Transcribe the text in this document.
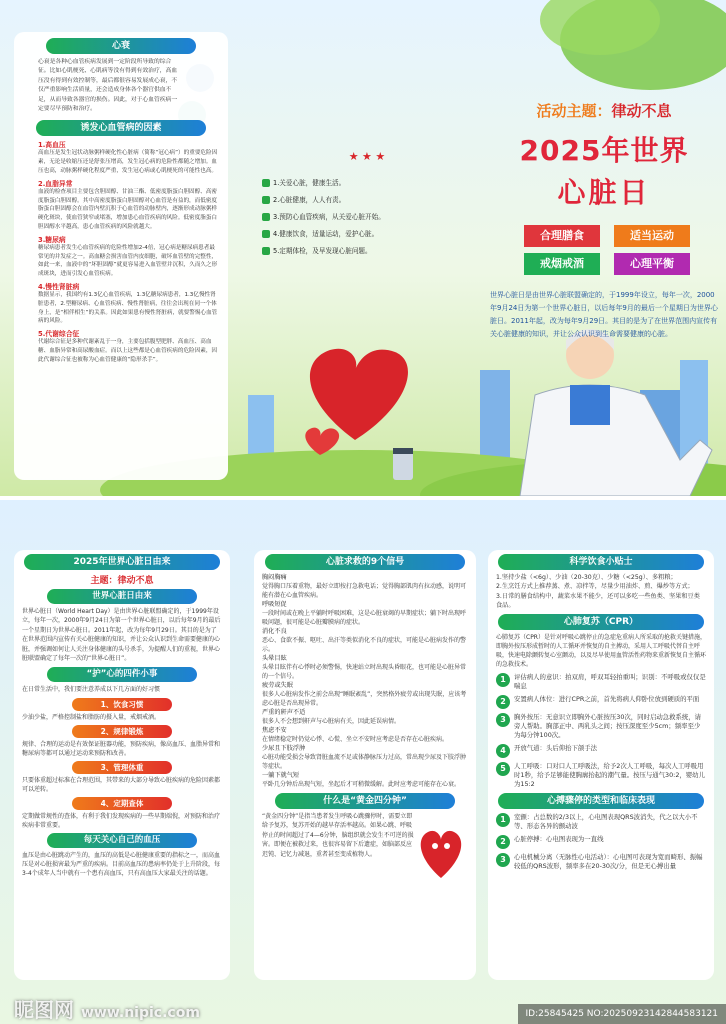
心衰
心衰是各种心血管疾病发展到一定阶段所导致的综合征。比如心肌梗死、心肌病等没有得到有效治疗，高血压没有得到有效控制等，最后都很容易发展成心衰，不仅严重影响生活质量，还会造成身体各个器官供血不足，从而导致各器官的损伤。因此，对于心血管疾病一定要尽早预防和治疗。
诱发心血管病的因素
1.高血压
高血压是发生冠状动脉粥样硬化性心脏病（简称“冠心病”）的重要危险因素，无论是收缩压还是舒张压增高，发生冠心病的危险性都随之增加。血压也高，动脉粥样硬化程度严重，发生冠心病或心肌梗死的可能性也高。
2.血脂异常
血液的检查项目主要包含胆固醇、甘油三酯、低密度脂蛋白胆固醇、高密度脂蛋白胆固醇。其中高密度脂蛋白胆固醇对心血管是有益的，而低密度脂蛋白胆固醇会在血管内壁沉积于心血管的动脉壁内，逐渐形成动脉粥样硬化斑块，使血管狭窄或堵塞，增加患心血管疾病的风险。低密度脂蛋白胆固醇水平越高，患心血管疾病的风险就越大。
3.糖尿病
糖尿病患者发生心血管疾病的危险性增加2-4倍，冠心病是糖尿病患者最常见的并发症之一。高血糖会损害血管内皮细胞，破坏血管壁的完整性，如此一来，血液中的“坏胆固醇”就更容易进入血管壁并沉积，久而久之形成斑块，进而引发心血管疾病。
4.慢性肾脏病
数据显示，我国约有1.3亿心血管疾病，1.3亿糖尿病患者，1.3亿慢性肾脏患者，2.型糖尿病、心血管疾病、慢性肾脏病，往往会出现在同一个体身上，是“相伴相生”的关系。因此如果患有慢性肾脏病，就要警惕心血管病的风险。
5.代谢综合征
代谢综合征是多种代谢紊乱于一身，主要包括腹型肥胖、高血压、高血糖、血脂异常和高尿酸血症。而以上这些都是心血管疾病的危险因素，因此代谢综合征也被称为心血管健康的“隐形杀手”。
★ ★ ★
1.关爱心脏，健康生活。
2.心脏健康，人人有责。
3.预防心血管疾病，从关爱心脏开始。
4.健康饮食，适量运动，爱护心脏。
5.定期体检，及早发现心脏问题。
活动主题：律动不息
2025年世界
心脏日
合理膳食	适当运动
戒烟戒酒	心理平衡
世界心脏日是由世界心脏联盟确定的，于1999年设立，每年一次，2000年9月24日为第一个世界心脏日，以后每年9月的最后一个星期日为世界心脏日。2011年起，改为每年9月29日。其目的是为了在世界范围内宣传有关心脏健康的知识，并让公众认识到生命需要健康的心脏。
2025年世界心脏日由来
主题：律动不息
世界心脏日由来
世界心脏日（World Heart Day）是由世界心脏联盟确定的，于1999年设立，每年一次，2000年9月24日为第一个世界心脏日，以后每年9月的最后一个星期日为世界心脏日。2011年起，改为每年9月29日。其目的是为了在世界范围内宣传有关心脏健康的知识，并让公众认识到生命需要健康的心脏，并强调如何让人关注身体健康的头号杀手，为提醒人们的重视，世界心脏联盟确定了每年一次的“世界心脏日”。
“护”心的四件小事
在日常生活中，我们要注意养成以下几方面的好习惯
1、饮食习惯
少油少盐，严格控制盐和脂肪的摄入量，戒烟戒酒。
2、规律锻炼
规律、合理的运动是有效保证脏器功能，预防疾病，像高血压、血脂异常和糖尿病等都可以通过运动来预防和改善。
3、管理体重
只要体重超过标准在合理范围，其带来的大部分导致心脏疾病的危险因素都可以逆转。
4、定期查体
定期做常规性的查体，有利于我们发现疾病的一些早期端倪，对预防和治疗疾病非常重要。
每天关心自己的血压
血压是由心脏跳动产生的，血压的高低是心脏健康重要的指标之一，而高血压是对心脏损害最为严重的疾病。目前高血压的患病率仍处于上升阶段，每3-4个成年人当中就有一个患有高血压，只有高血压大家最关注的话题。
心脏求救的9个信号
胸闷胸痛
觉得胸口压着重物，最好立即按打急救电话；觉得胸部肌肉有拉动感，说明可能有潜在心血管疾病。
呼吸短促
一段时间或在晚上平躺时呼吸困难，这是心脏衰竭的早期症状；躺下时出现呼吸问题，很可能是心脏瓣膜病的症状。
消化不良
恶心、食欲不振、呕吐、出汗等类似消化不良的症状，可能是心脏病发作的警示。
头晕目眩
头晕目眩伴有心悸时必须警惕，快速站立时出现头昏眼花，也可能是心脏异常的一个信号。
疲劳或失眠
很多人心脏病发作之前会出现“睡眠紊乱”，突然格外疲劳或出现失眠，应该考虑心脏是否出现异常。
严重的鼾声不适
很多人不会想到鼾声与心脏病有关，因此延误病情。
焦虑不安
在情绪稳定时仍觉心悸、心慌、坐立不安时应考虑是否存在心脏疾病。
少尿且下肢浮肿
心脏功能受损会导致肾脏血流不足或体静脉压力过高，常出现少尿及下肢浮肿等症状。
一躺下就气短
平卧几分钟后出现气短，坐起后才可稍微缓解。此时应考虑可能存在心衰。
什么是“黄金四分钟”
“黄金四分钟”是指当患者发生呼吸心跳骤停时，需要立即给予复苏，复苏开始的越早存活率越高。如果心跳、呼吸停止的时间超过了4—6分钟，脑组织就会发生不可逆的损害。即便在被救过来，也很容易留下后遗症，如脑部反应迟钝、记忆力减退，重者甚至变成植物人。
科学饮食小贴士
1.坚持少盐（<6g）、少油（20-30克）、少糖（<25g）、多粗粮；
2.生烹饪方式上推荐蒸、煮、凉拌等，尽量少用油炸、煎、爆炒等方式；
3.日常的膳食结构中，蔬菜水果不能少，还可以多吃一些鱼类、坚果和豆类食品。
心肺复苏（CPR）
心肺复苏（CPR）是针对呼吸心跳停止的急症危重病人所采取的抢救关键措施，即胸外按压形成暂时的人工循环并恢复的自主搏动，采用人工呼吸代替自主呼吸，快速电除颤转复心室颤动，以及尽早使用血管活性药物来重新恢复自主循环的急救技术。
1	评估病人的意识：拍双肩，呼双耳轻拍重叫；识别：不呼吸或仅仅是喘息
2	安置病人体位：进行CPR之前，首先将病人仰卧位放到硬质的平面
3	胸外按压：无意识立即胸外心脏按压30次，同时启动急救系统，请旁人帮助。胸部正中、两乳头之间；按压深度至少5cm；频率至少为每分钟100次。
4	开放气道：头后仰抬下颌手法
5	人工呼吸：口对口人工呼吸法，给予2次人工呼吸，每次人工呼吸用时1秒，给予足够能使胸廓抬起的潮气量。按压与通气30:2，婴幼儿为15:2
心搏骤停的类型和临床表现
1	室颤：占总数的2/3以上，心电图表现QRS波消失，代之以大小不等、形态各异的颤动波
2	心脏停搏：心电图表现为一直线
3	心电机械分离（无脉性心电活动）：心电图可表现为宽而畸形、振幅较低的QRS波形，频率多在20-30次/分，但是无心搏出量
昵图网 www.nipic.com	ID:25845425 NO:20250923142844583121
